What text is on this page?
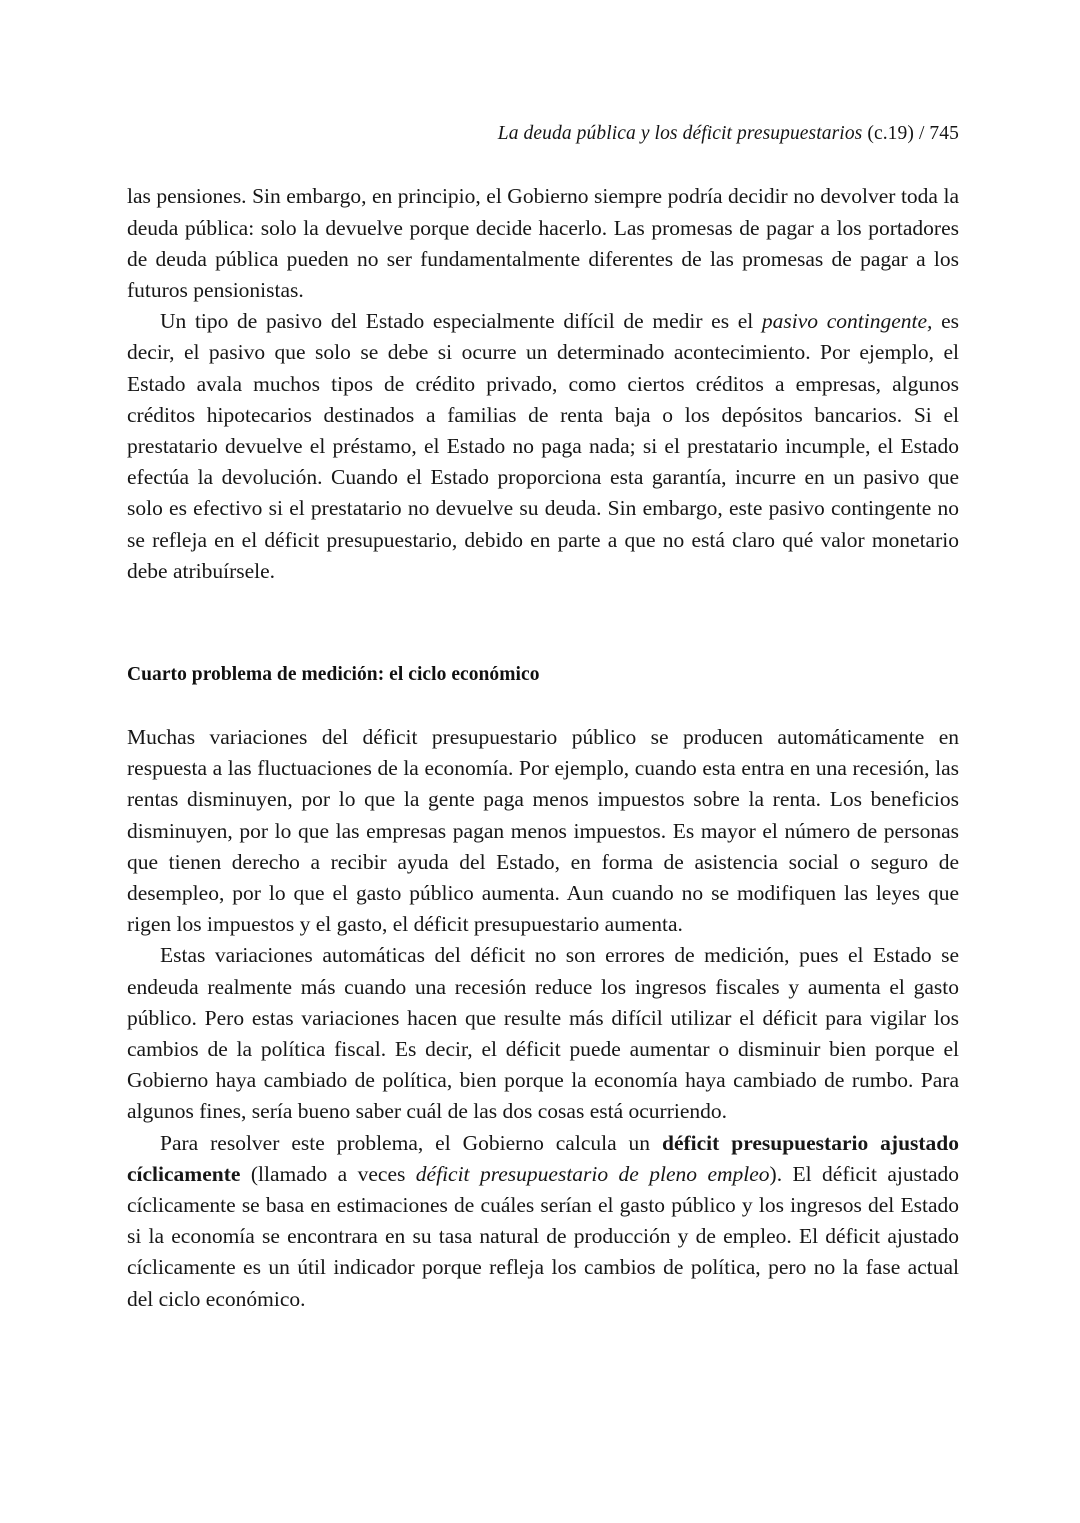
La deuda pública y los déficit presupuestarios (c.19) / 745

las pensiones. Sin embargo, en principio, el Gobierno siempre podría decidir no devolver toda la deuda pública: solo la devuelve porque decide hacerlo. Las promesas de pagar a los portadores de deuda pública pueden no ser fundamentalmente diferentes de las promesas de pagar a los futuros pensionistas.

Un tipo de pasivo del Estado especialmente difícil de medir es el pasivo contingente, es decir, el pasivo que solo se debe si ocurre un determinado acontecimiento. Por ejemplo, el Estado avala muchos tipos de crédito privado, como ciertos créditos a empresas, algunos créditos hipotecarios destinados a familias de renta baja o los depósitos bancarios. Si el prestatario devuelve el préstamo, el Estado no paga nada; si el prestatario incumple, el Estado efectúa la devolución. Cuando el Estado proporciona esta garantía, incurre en un pasivo que solo es efectivo si el prestatario no devuelve su deuda. Sin embargo, este pasivo contingente no se refleja en el déficit presupuestario, debido en parte a que no está claro qué valor monetario debe atribuírsele.

Cuarto problema de medición: el ciclo económico

Muchas variaciones del déficit presupuestario público se producen automáticamente en respuesta a las fluctuaciones de la economía. Por ejemplo, cuando esta entra en una recesión, las rentas disminuyen, por lo que la gente paga menos impuestos sobre la renta. Los beneficios disminuyen, por lo que las empresas pagan menos impuestos. Es mayor el número de personas que tienen derecho a recibir ayuda del Estado, en forma de asistencia social o seguro de desempleo, por lo que el gasto público aumenta. Aun cuando no se modifiquen las leyes que rigen los impuestos y el gasto, el déficit presupuestario aumenta.

Estas variaciones automáticas del déficit no son errores de medición, pues el Estado se endeuda realmente más cuando una recesión reduce los ingresos fiscales y aumenta el gasto público. Pero estas variaciones hacen que resulte más difícil utilizar el déficit para vigilar los cambios de la política fiscal. Es decir, el déficit puede aumentar o disminuir bien porque el Gobierno haya cambiado de política, bien porque la economía haya cambiado de rumbo. Para algunos fines, sería bueno saber cuál de las dos cosas está ocurriendo.

Para resolver este problema, el Gobierno calcula un déficit presupuestario ajustado cíclicamente (llamado a veces déficit presupuestario de pleno empleo). El déficit ajustado cíclicamente se basa en estimaciones de cuáles serían el gasto público y los ingresos del Estado si la economía se encontrara en su tasa natural de producción y de empleo. El déficit ajustado cíclicamente es un útil indicador porque refleja los cambios de política, pero no la fase actual del ciclo económico.
